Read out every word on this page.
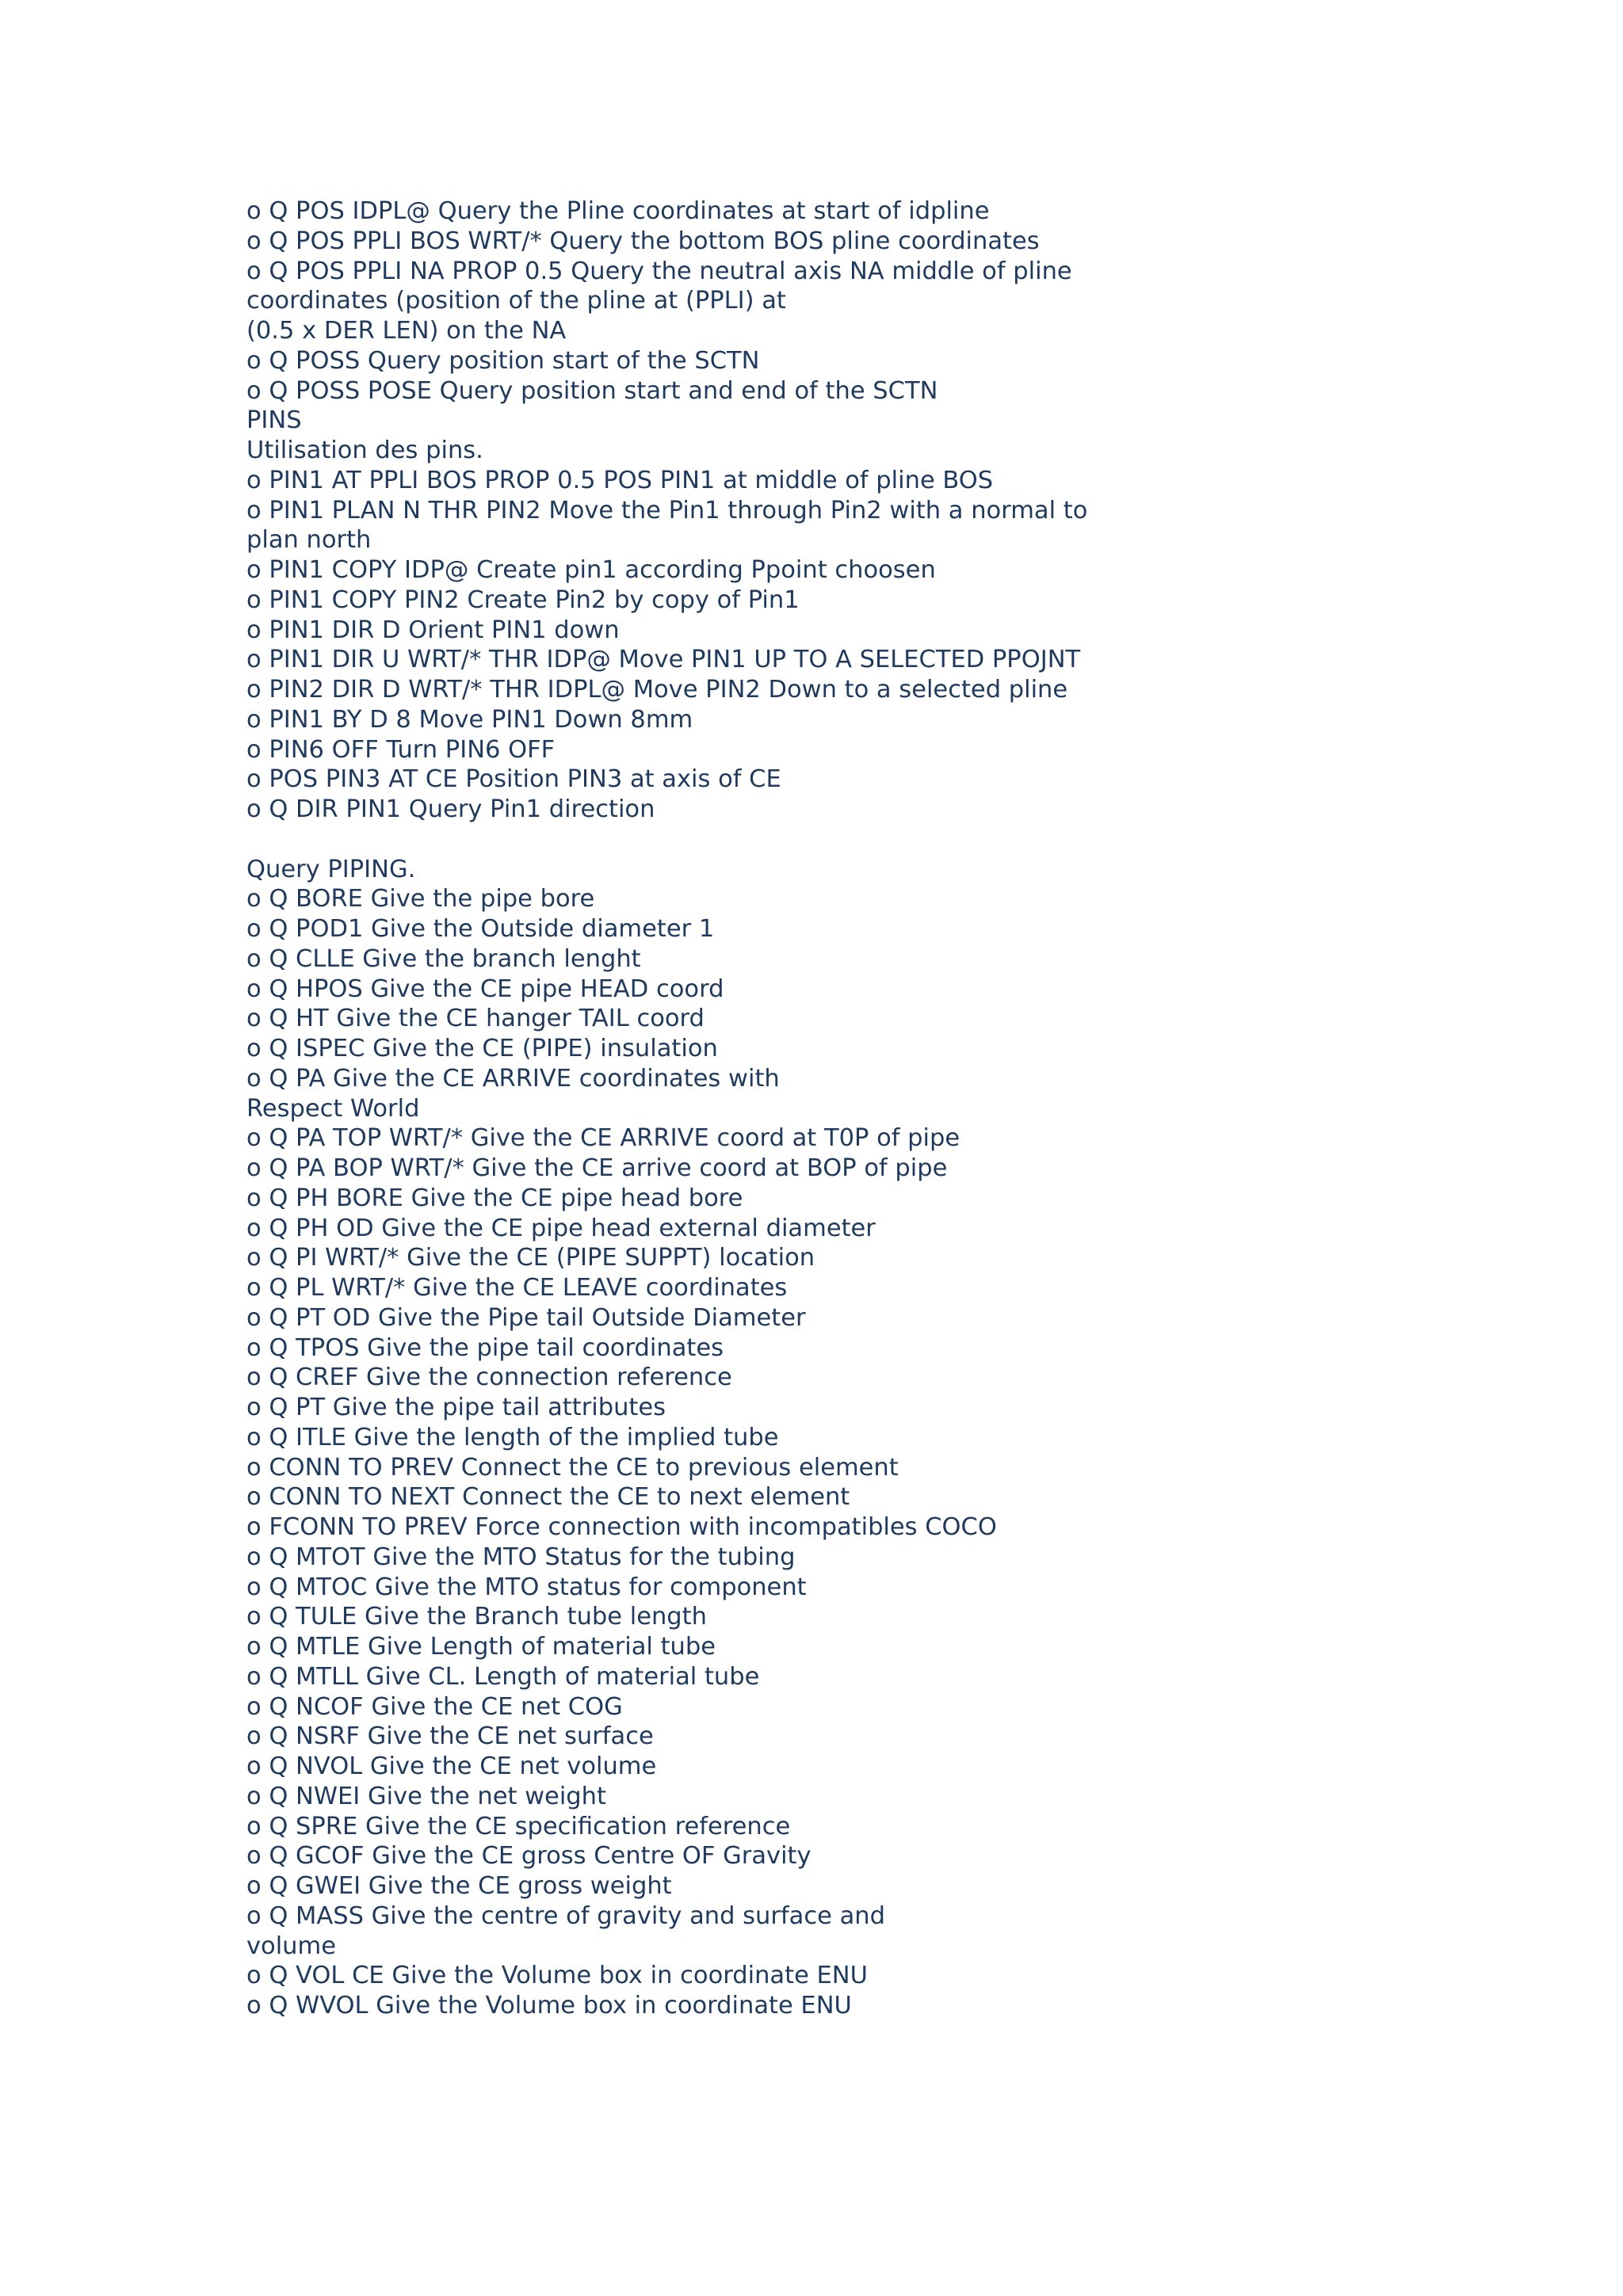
o Q POS IDPL@ Query the Pline coordinates at start of idpline
o Q POS PPLI BOS WRT/* Query the bottom BOS pline coordinates
o Q POS PPLI NA PROP 0.5 Query the neutral axis NA middle of pline
coordinates (position of the pline at (PPLI) at
(0.5 x DER LEN) on the NA
o Q POSS Query position start of the SCTN
o Q POSS POSE Query position start and end of the SCTN
PINS
Utilisation des pins.
o PIN1 AT PPLI BOS PROP 0.5 POS PIN1 at middle of pline BOS
o PIN1 PLAN N THR PIN2 Move the Pin1 through Pin2 with a normal to
plan north
o PIN1 COPY IDP@ Create pin1 according Ppoint choosen
o PIN1 COPY PIN2 Create Pin2 by copy of Pin1
o PIN1 DIR D Orient PIN1 down
o PIN1 DIR U WRT/* THR IDP@ Move PIN1 UP TO A SELECTED PPOJNT
o PIN2 DIR D WRT/* THR IDPL@ Move PIN2 Down to a selected pline
o PIN1 BY D 8 Move PIN1 Down 8mm
o PIN6 OFF Turn PIN6 OFF
o POS PIN3 AT CE Position PIN3 at axis of CE
o Q DIR PIN1 Query Pin1 direction
Query PIPING.
o Q BORE Give the pipe bore
o Q POD1 Give the Outside diameter 1
o Q CLLE Give the branch lenght
o Q HPOS Give the CE pipe HEAD coord
o Q HT Give the CE hanger TAIL coord
o Q ISPEC Give the CE (PIPE) insulation
o Q PA Give the CE ARRIVE coordinates with
Respect World
o Q PA TOP WRT/* Give the CE ARRIVE coord at T0P of pipe
o Q PA BOP WRT/* Give the CE arrive coord at BOP of pipe
o Q PH BORE Give the CE pipe head bore
o Q PH OD Give the CE pipe head external diameter
o Q PI WRT/* Give the CE (PIPE SUPPT) location
o Q PL WRT/* Give the CE LEAVE coordinates
o Q PT OD Give the Pipe tail Outside Diameter
o Q TPOS Give the pipe tail coordinates
o Q CREF Give the connection reference
o Q PT Give the pipe tail attributes
o Q ITLE Give the length of the implied tube
o CONN TO PREV Connect the CE to previous element
o CONN TO NEXT Connect the CE to next element
o FCONN TO PREV Force connection with incompatibles COCO
o Q MTOT Give the MTO Status for the tubing
o Q MTOC Give the MTO status for component
o Q TULE Give the Branch tube length
o Q MTLE Give Length of material tube
o Q MTLL Give CL. Length of material tube
o Q NCOF Give the CE net COG
o Q NSRF Give the CE net surface
o Q NVOL Give the CE net volume
o Q NWEI Give the net weight
o Q SPRE Give the CE specification reference
o Q GCOF Give the CE gross Centre OF Gravity
o Q GWEI Give the CE gross weight
o Q MASS Give the centre of gravity and surface and
volume
o Q VOL CE Give the Volume box in coordinate ENU
o Q WVOL Give the Volume box in coordinate ENU
